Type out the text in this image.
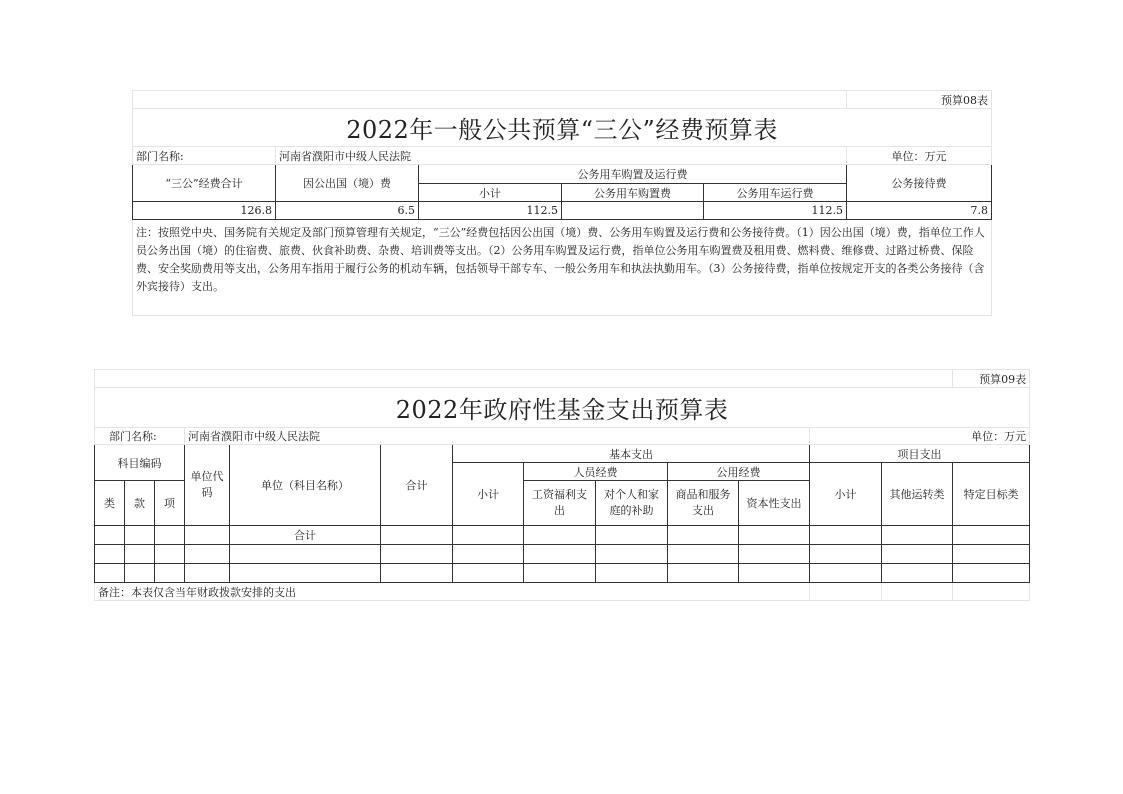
					预算08表
2022年一般公共预算“三公”经费预算表					
部门名称:	河南省濮阳市中级人民法院				单位：万元
“三公”经费合计	因公出国（境）费	公务用车购置及运行费			公务接待费
		小计	公务用车购置费	公务用车运行费	
126.8	6.5	112.5		112.5	7.8
注：按照党中央、国务院有关规定及部门预算管理有关规定，“三公”经费包括因公出国（境）费、公务用车购置及运行费和公务接待费。（1）因公出国（境）费，指单位工作人员公务出国（境）的住宿费、旅费、伙食补助费、杂费、培训费等支出。（2）公务用车购置及运行费，指单位公务用车购置费及租用费、燃料费、维修费、过路过桥费、保险费、安全奖励费用等支出，公务用车指用于履行公务的机动车辆，包括领导干部专车、一般公务用车和执法执勤用车。（3）公务接待费，指单位按规定开支的各类公务接待（含外宾接待）支出。					
													预算09表
2022年政府性基金支出预算表													
部门名称:			河南省濮阳市中级人民法院								单位：万元		
科目编码			单位代码	单位（科目名称）	合计	基本支出					项目支出		
						小计	人员经费		公用经费		小计	其他运转类	特定目标类
类	款	项					工资福利支出	对个人和家庭的补助	商品和服务支出	资本性支出			
				合计									

备注：本表仅含当年财政拨款安排的支出													
